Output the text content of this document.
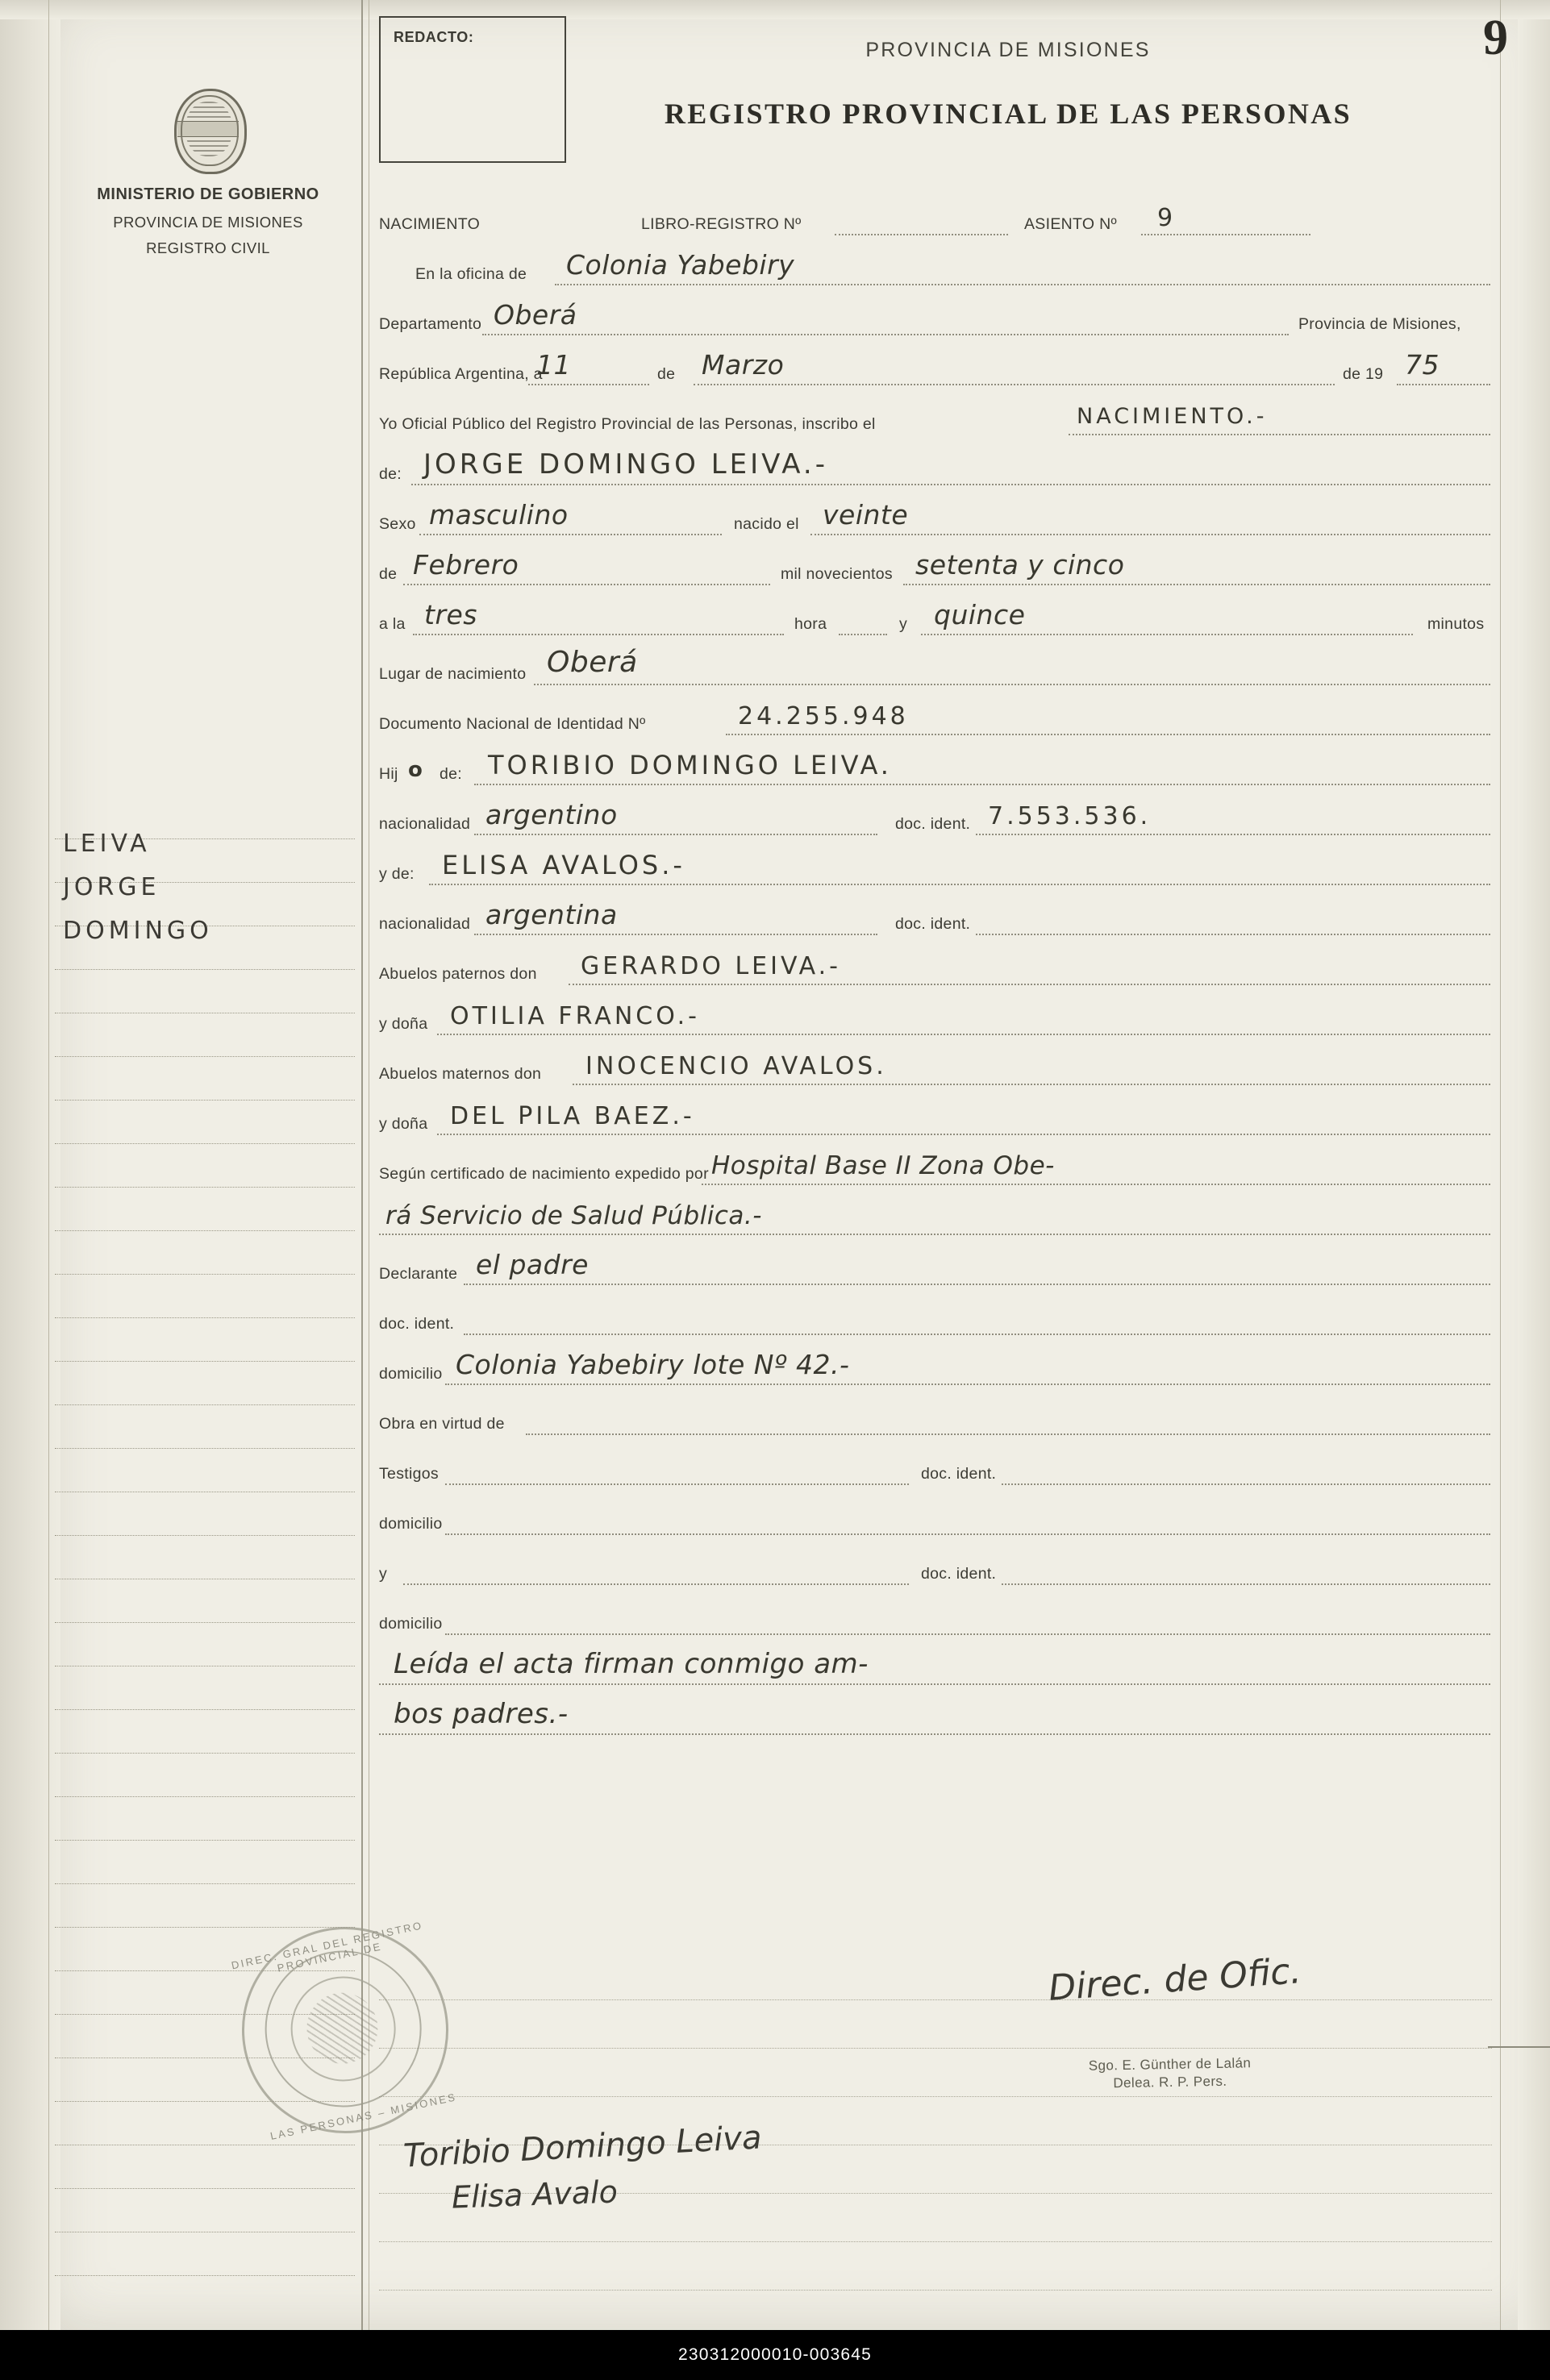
MINISTERIO DE GOBIERNO
PROVINCIA DE MISIONES
REGISTRO CIVIL
LEIVA
JORGE
DOMINGO
REDACTO:
PROVINCIA DE MISIONES
REGISTRO PROVINCIAL DE LAS PERSONAS
9
NACIMIENTO	LIBRO-REGISTRO Nº	ASIENTO Nº 9
En la oficina de Colonia Yabebiry
Departamento Oberá	Provincia de Misiones,
República Argentina, a
11	de Marzo	de 19 75
Yo Oficial Público del Registro Provincial de las Personas, inscribo el	NACIMIENTO.-
de: JORGE DOMINGO LEIVA.-
Sexo masculino	nacido el veinte
de Febrero	mil novecientos setenta y cinco
a la tres	hora	y quince	minutos
Lugar de nacimiento Oberá
Documento Nacional de Identidad Nº	24.255.948
Hij o de: TORIBIO DOMINGO LEIVA.
nacionalidad argentino	doc. ident. 7.553.536.
y de: ELISA AVALOS.-
nacionalidad argentina	doc. ident.
Abuelos paternos don GERARDO LEIVA.-
y doña OTILIA FRANCO.-
Abuelos maternos don INOCENCIO AVALOS.
y doña DEL PILA BAEZ.-
Según certificado de nacimiento expedido por Hospital Base II Zona Obe-
rá Servicio de Salud Pública.-
Declarante el padre
doc. ident.
domicilio Colonia Yabebiry lote Nº 42.-
Obra en virtud de
Testigos	doc. ident.
domicilio
y	doc. ident.
domicilio
Leída el acta firman conmigo am-
bos padres.-
Direc. de Ofic.
Sgo. E. Günther de Lalán
Delea. R. P. Pers.
Toribio Domingo Leiva
Elisa Avalo
DIREC. GRAL DEL REGISTRO PROVINCIAL DE
LAS PERSONAS – MISIONES
230312000010-003645
